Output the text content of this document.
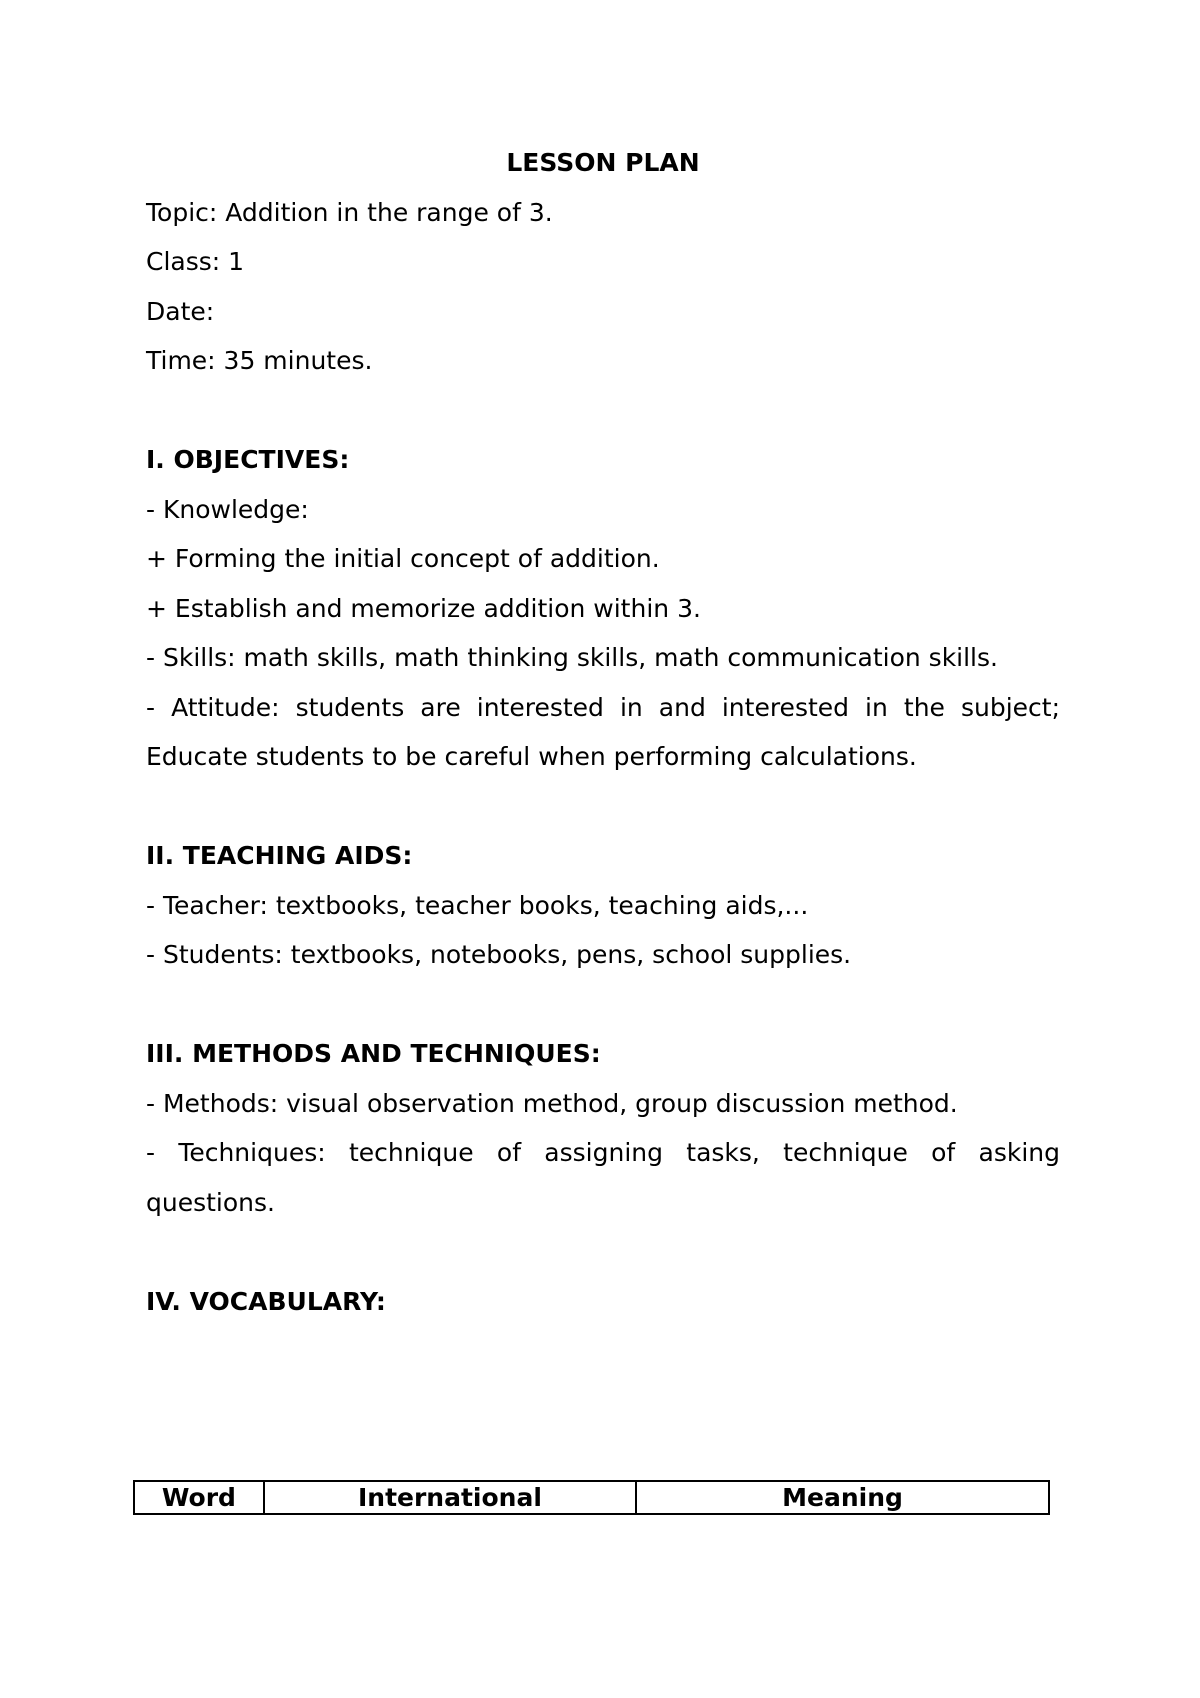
LESSON PLAN

Topic: Addition in the range of 3.

Class: 1

Date:

Time: 35 minutes.

I. OBJECTIVES:

- Knowledge:

+ Forming the initial concept of addition.

+ Establish and memorize addition within 3.

- Skills: math skills, math thinking skills, math communication skills.

- Attitude: students are interested in and interested in the subject; Educate students to be careful when performing calculations.

II. TEACHING AIDS:

- Teacher: textbooks, teacher books, teaching aids,...

- Students: textbooks, notebooks, pens, school supplies.

III. METHODS AND TECHNIQUES:

- Methods: visual observation method, group discussion method.

- Techniques: technique of assigning tasks, technique of asking questions.

IV. VOCABULARY:

Word	International	Meaning
